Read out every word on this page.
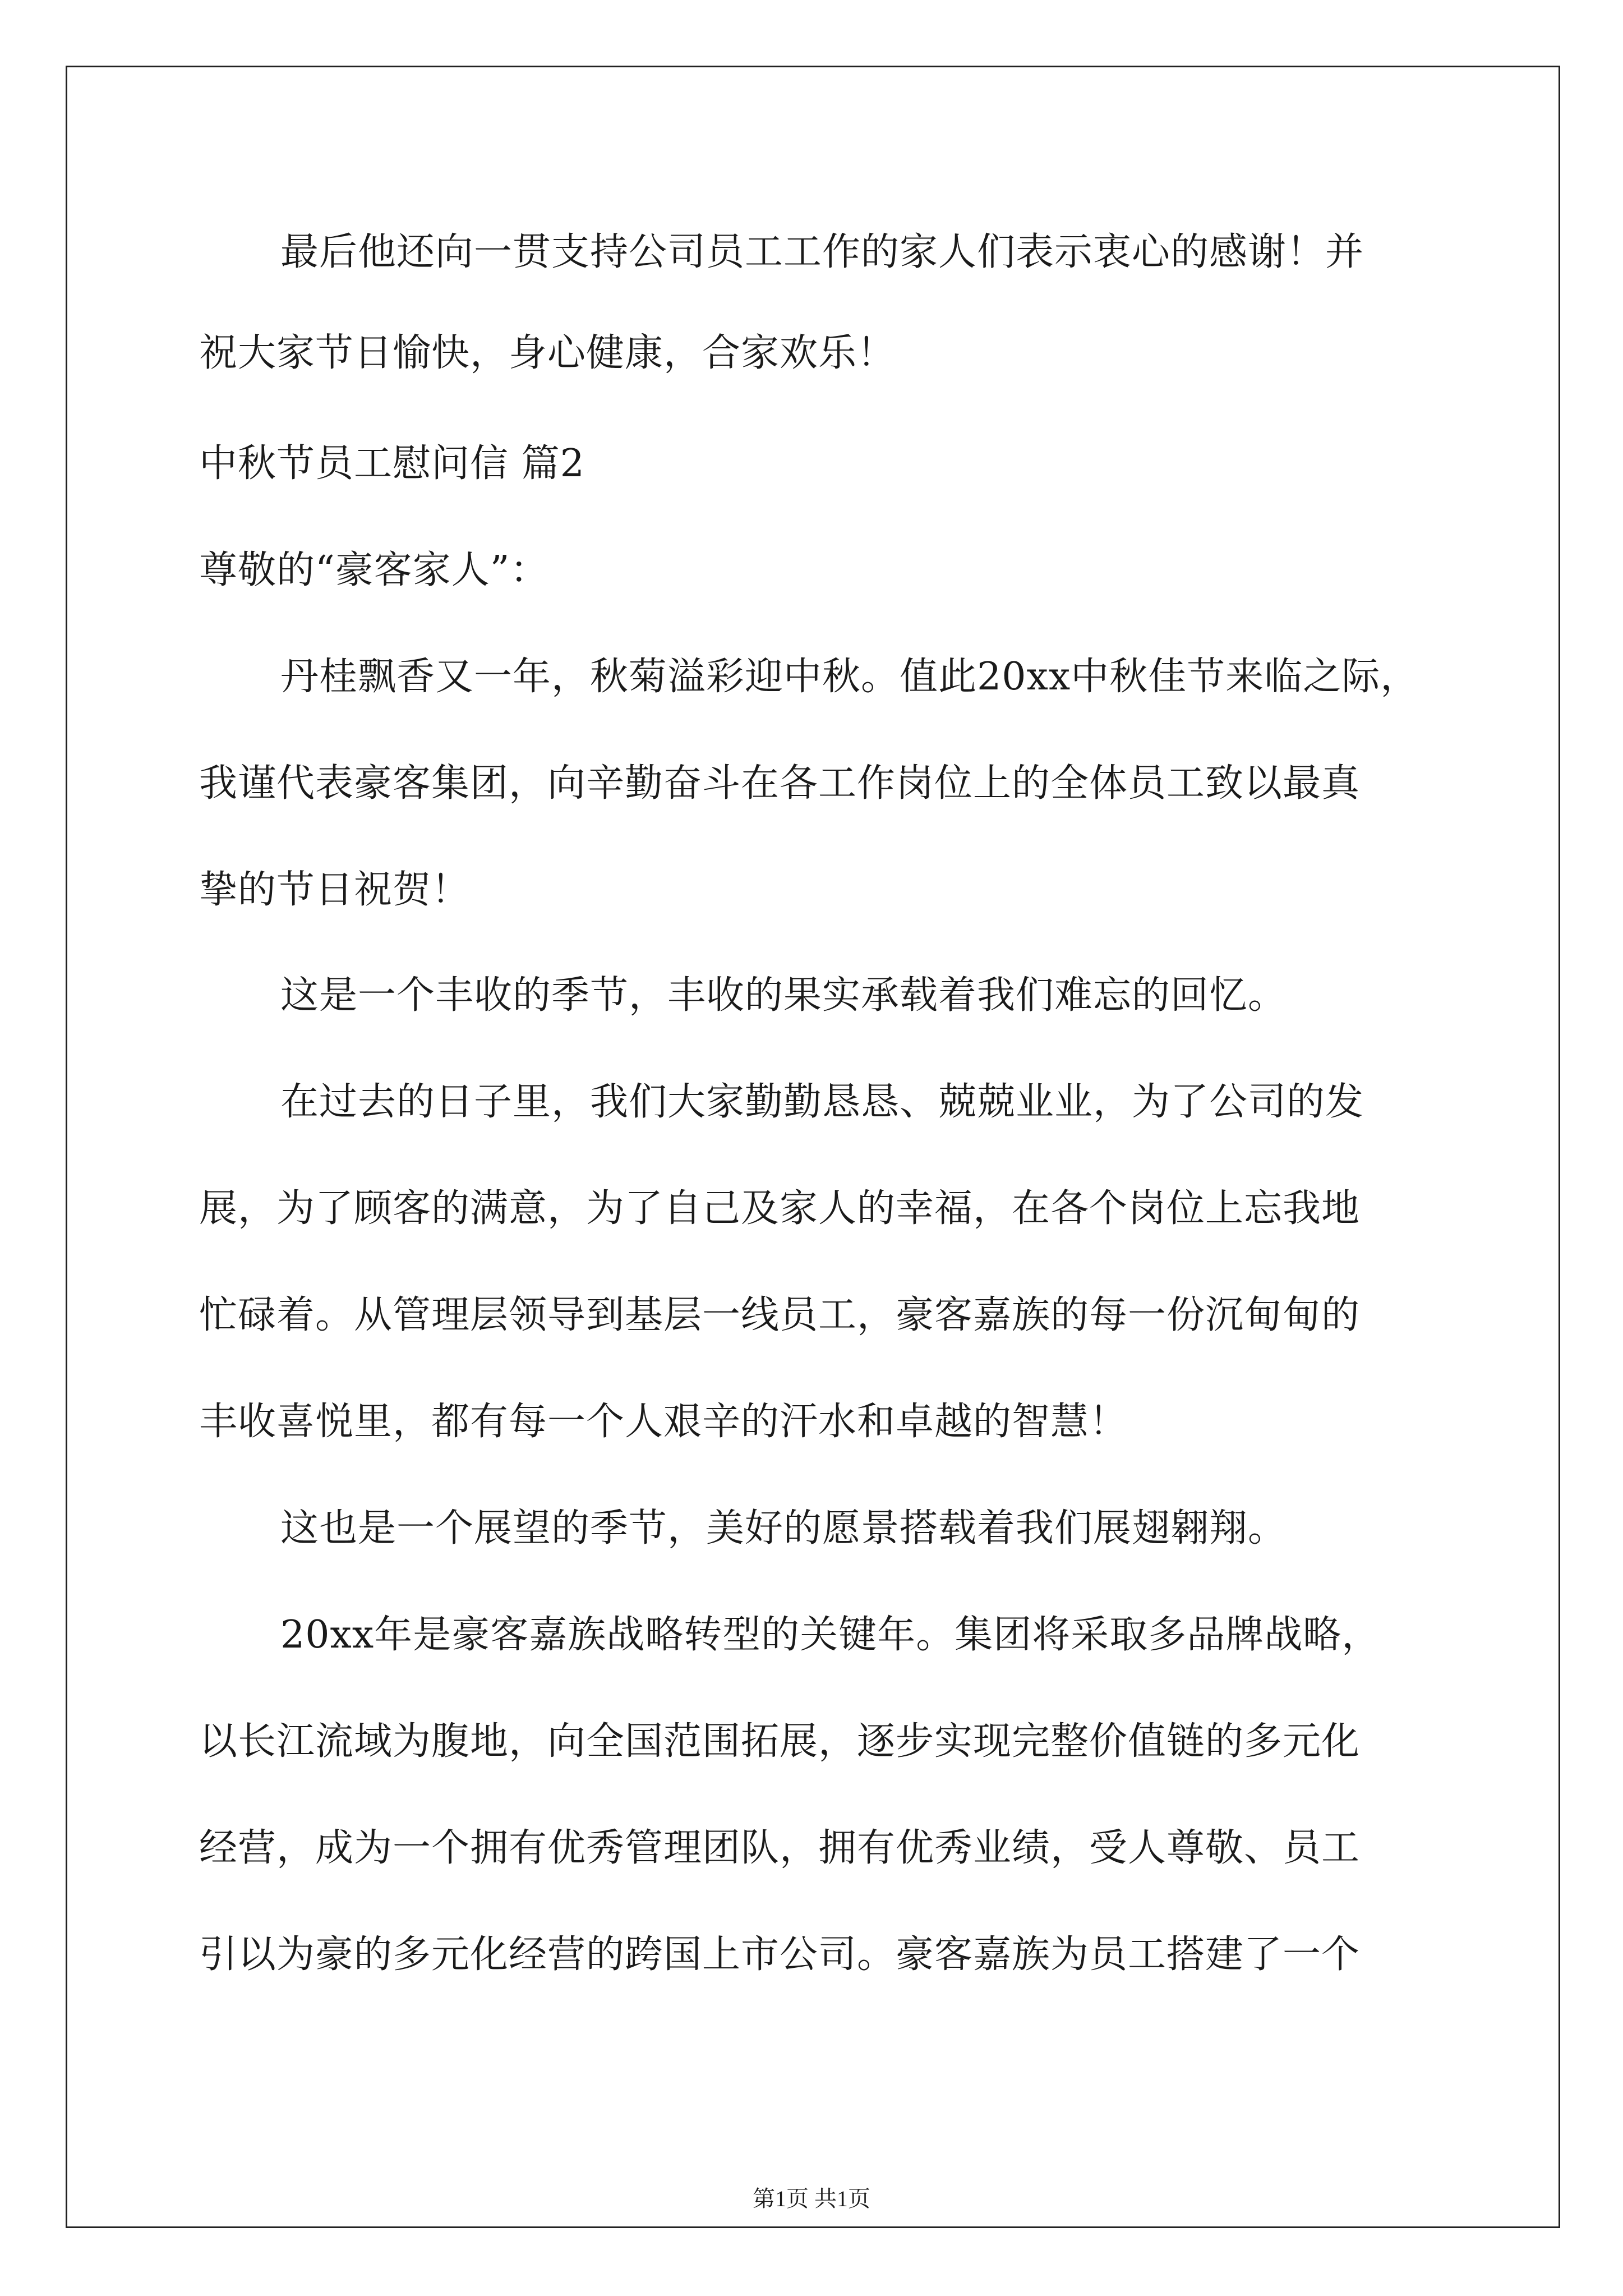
最后他还向一贯支持公司员工工作的家人们表示衷心的感谢！并
祝大家节日愉快，身心健康，合家欢乐！
中秋节员工慰问信 篇2
尊敬的“豪客家人”：
丹桂飘香又一年，秋菊溢彩迎中秋。值此20xx中秋佳节来临之际，
我谨代表豪客集团，向辛勤奋斗在各工作岗位上的全体员工致以最真
挚的节日祝贺！
这是一个丰收的季节，丰收的果实承载着我们难忘的回忆。
在过去的日子里，我们大家勤勤恳恳、兢兢业业，为了公司的发
展，为了顾客的满意，为了自己及家人的幸福，在各个岗位上忘我地
忙碌着。从管理层领导到基层一线员工，豪客嘉族的每一份沉甸甸的
丰收喜悦里，都有每一个人艰辛的汗水和卓越的智慧！
这也是一个展望的季节，美好的愿景搭载着我们展翅翱翔。
20xx年是豪客嘉族战略转型的关键年。集团将采取多品牌战略，
以长江流域为腹地，向全国范围拓展，逐步实现完整价值链的多元化
经营，成为一个拥有优秀管理团队，拥有优秀业绩，受人尊敬、员工
引以为豪的多元化经营的跨国上市公司。豪客嘉族为员工搭建了一个
第1页 共1页
